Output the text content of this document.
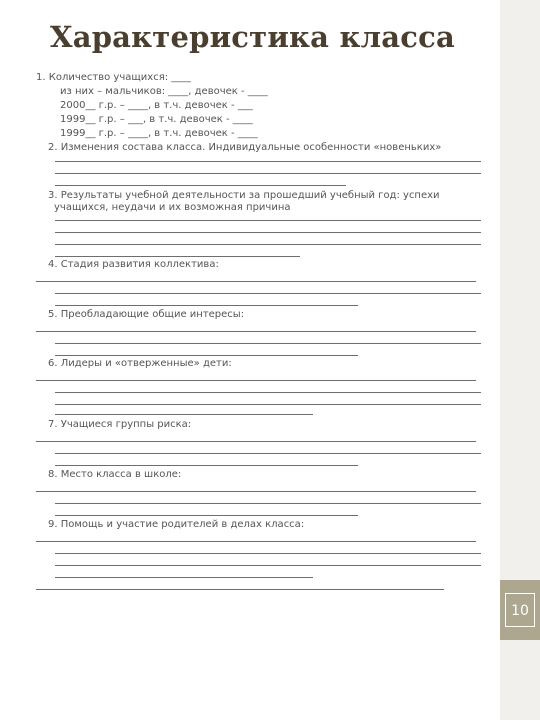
10
Характеристика класса
1. Количество учащихся: ____
из них – мальчиков: ____, девочек - ____
2000__ г.р. – ____, в т.ч. девочек - ___
1999__ г.р. – ___, в т.ч. девочек - ____
1999__ г.р. – ____, в т.ч. девочек - ____
2. Изменения состава класса. Индивидуальные особенности «новеньких»
3. Результаты учебной деятельности за прошедший учебный год: успехи
учащихся, неудачи и их возможная причина
4. Стадия развития коллектива:
5. Преобладающие общие интересы:
6. Лидеры и «отверженные» дети:
7. Учащиеся группы риска:
8. Место класса в школе:
9. Помощь и участие родителей в делах класса:
